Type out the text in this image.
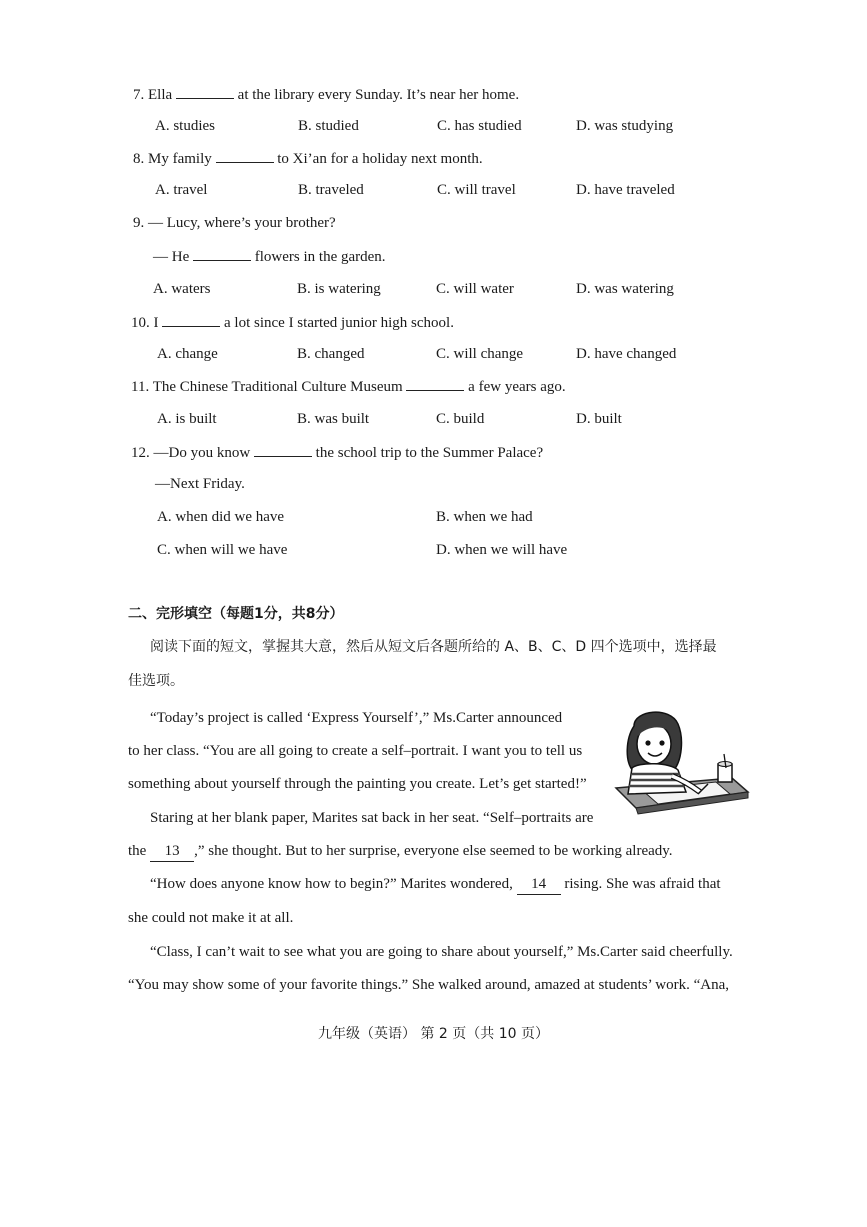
7. Ella	at the library every Sunday. It’s near her home.
A. studies	B. studied	C. has studied	D. was studying
8. My family	to Xi’an for a holiday next month.
A. travel	B. traveled	C. will travel	D. have traveled
9. — Lucy, where’s your brother?
— He	flowers in the garden.
A. waters	B. is watering	C. will water	D. was watering
10. I	a lot since I started junior high school.
A. change	B. changed	C. will change	D. have changed
11. The Chinese Traditional Culture Museum	a few years ago.
A. is built	B. was built	C. build	D. built
12. —Do you know	the school trip to the Summer Palace?
—Next Friday.
A. when did we have	B. when we had
C. when will we have	D. when we will have
二、完形填空（每题1分，共8分）
阅读下面的短文，掌握其大意，然后从短文后各题所给的 A、B、C、D 四个选项中，选择最
佳选项。
“Today’s project is called ‘Express Yourself’,” Ms.Carter announced
to her class. “You are all going to create a self–portrait. I want you to tell us
something about yourself through the painting you create. Let’s get started!”
Staring at her blank paper, Marites sat back in her seat. “Self–portraits are
the 13 ,” she thought. But to her surprise, everyone else seemed to be working already.
“How does anyone know how to begin?” Marites wondered, 14 rising. She was afraid that
she could not make it at all.
“Class, I can’t wait to see what you are going to share about yourself,” Ms.Carter said cheerfully.
“You may show some of your favorite things.” She walked around, amazed at students’ work. “Ana,
九年级（英语） 第 2 页（共 10 页）
